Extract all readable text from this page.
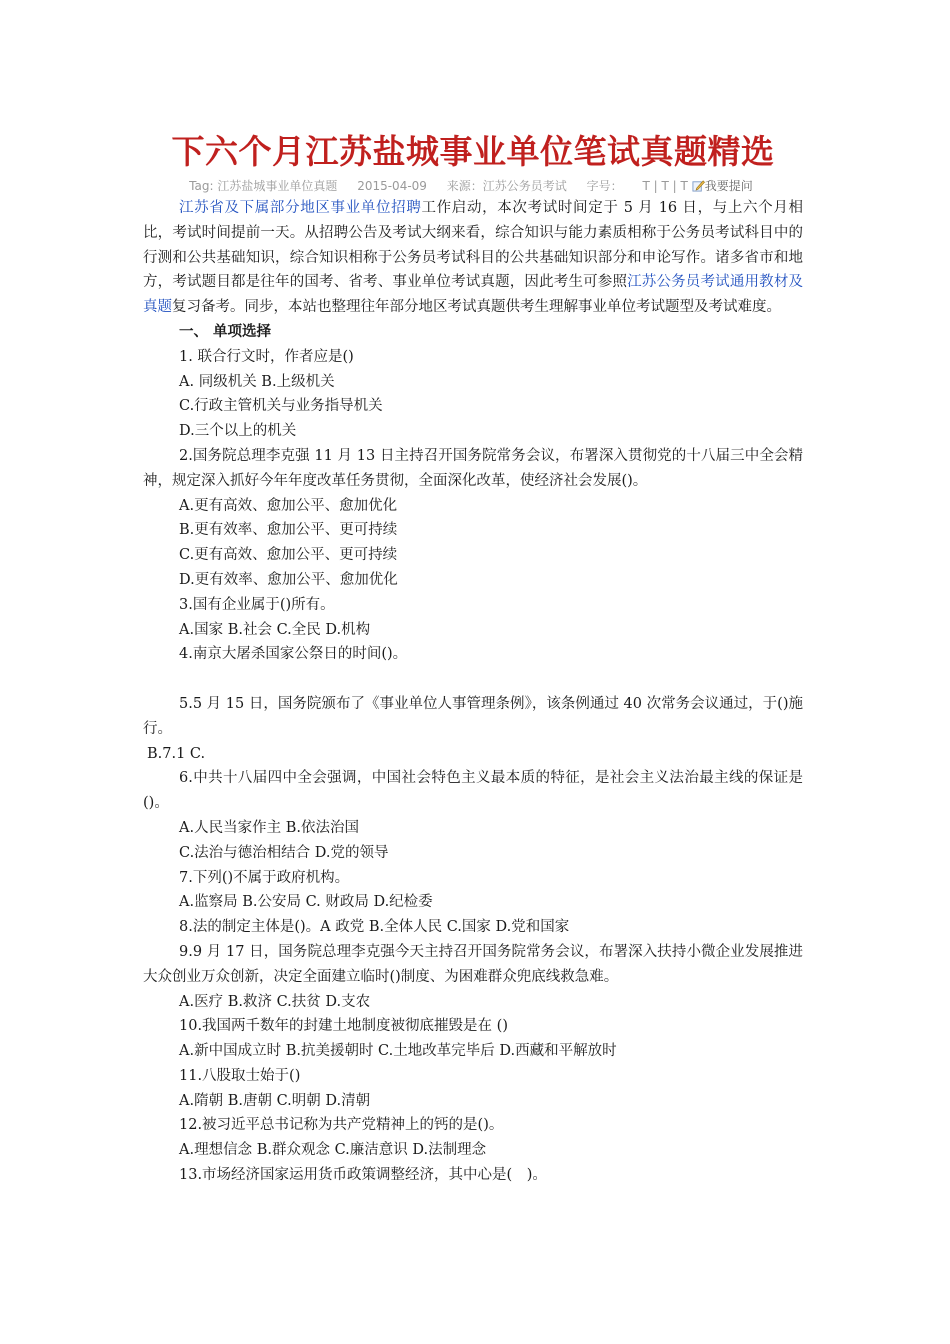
下六个月江苏盐城事业单位笔试真题精选
Tag: 江苏盐城事业单位真题 2015-04-09 来源：江苏公务员考试 字号： T | T | T 我要提问

江苏省及下属部分地区事业单位招聘工作启动，本次考试时间定于 5 月 16 日，与上六个月相比，考试时间提前一天。从招聘公告及考试大纲来看，综合知识与能力素质相称于公务员考试科目中的行测和公共基础知识，综合知识相称于公务员考试科目的公共基础知识部分和申论写作。诸多省市和地方，考试题目都是往年的国考、省考、事业单位考试真题，因此考生可参照江苏公务员考试通用教材及真题复习备考。同步，本站也整理往年部分地区考试真题供考生理解事业单位考试题型及考试难度。

一、 单项选择

1. 联合行文时，作者应是()

A. 同级机关 B.上级机关

C.行政主管机关与业务指导机关

D.三个以上的机关

2.国务院总理李克强 11 月 13 日主持召开国务院常务会议，布署深入贯彻党的十八届三中全会精神，规定深入抓好今年年度改革任务贯彻，全面深化改革，使经济社会发展()。

A.更有高效、愈加公平、愈加优化

B.更有效率、愈加公平、更可持续

C.更有高效、愈加公平、更可持续

D.更有效率、愈加公平、愈加优化

3.国有企业属于()所有。

A.国家 B.社会 C.全民 D.机构

4.南京大屠杀国家公祭日的时间()。

5.5 月 15 日，国务院颁布了《事业单位人事管理条例》，该条例通过 40 次常务会议通过，于()施行。

B.7.1 C.

6.中共十八届四中全会强调，中国社会特色主义最本质的特征，是社会主义法治最主线的保证是()。

A.人民当家作主 B.依法治国

C.法治与德治相结合 D.党的领导

7.下列()不属于政府机构。

A.监察局 B.公安局 C. 财政局 D.纪检委

8.法的制定主体是()。A 政党 B.全体人民 C.国家 D.党和国家

9.9 月 17 日，国务院总理李克强今天主持召开国务院常务会议，布署深入扶持小微企业发展推进大众创业万众创新，决定全面建立临时()制度、为困难群众兜底线救急难。

A.医疗 B.救济 C.扶贫 D.支农

10.我国两千数年的封建土地制度被彻底摧毁是在 ()

A.新中国成立时 B.抗美援朝时 C.土地改革完毕后 D.西藏和平解放时

11.八股取士始于()

A.隋朝 B.唐朝 C.明朝 D.清朝

12.被习近平总书记称为共产党精神上的钙的是()。

A.理想信念 B.群众观念 C.廉洁意识 D.法制理念

13.市场经济国家运用货币政策调整经济，其中心是(　)。
